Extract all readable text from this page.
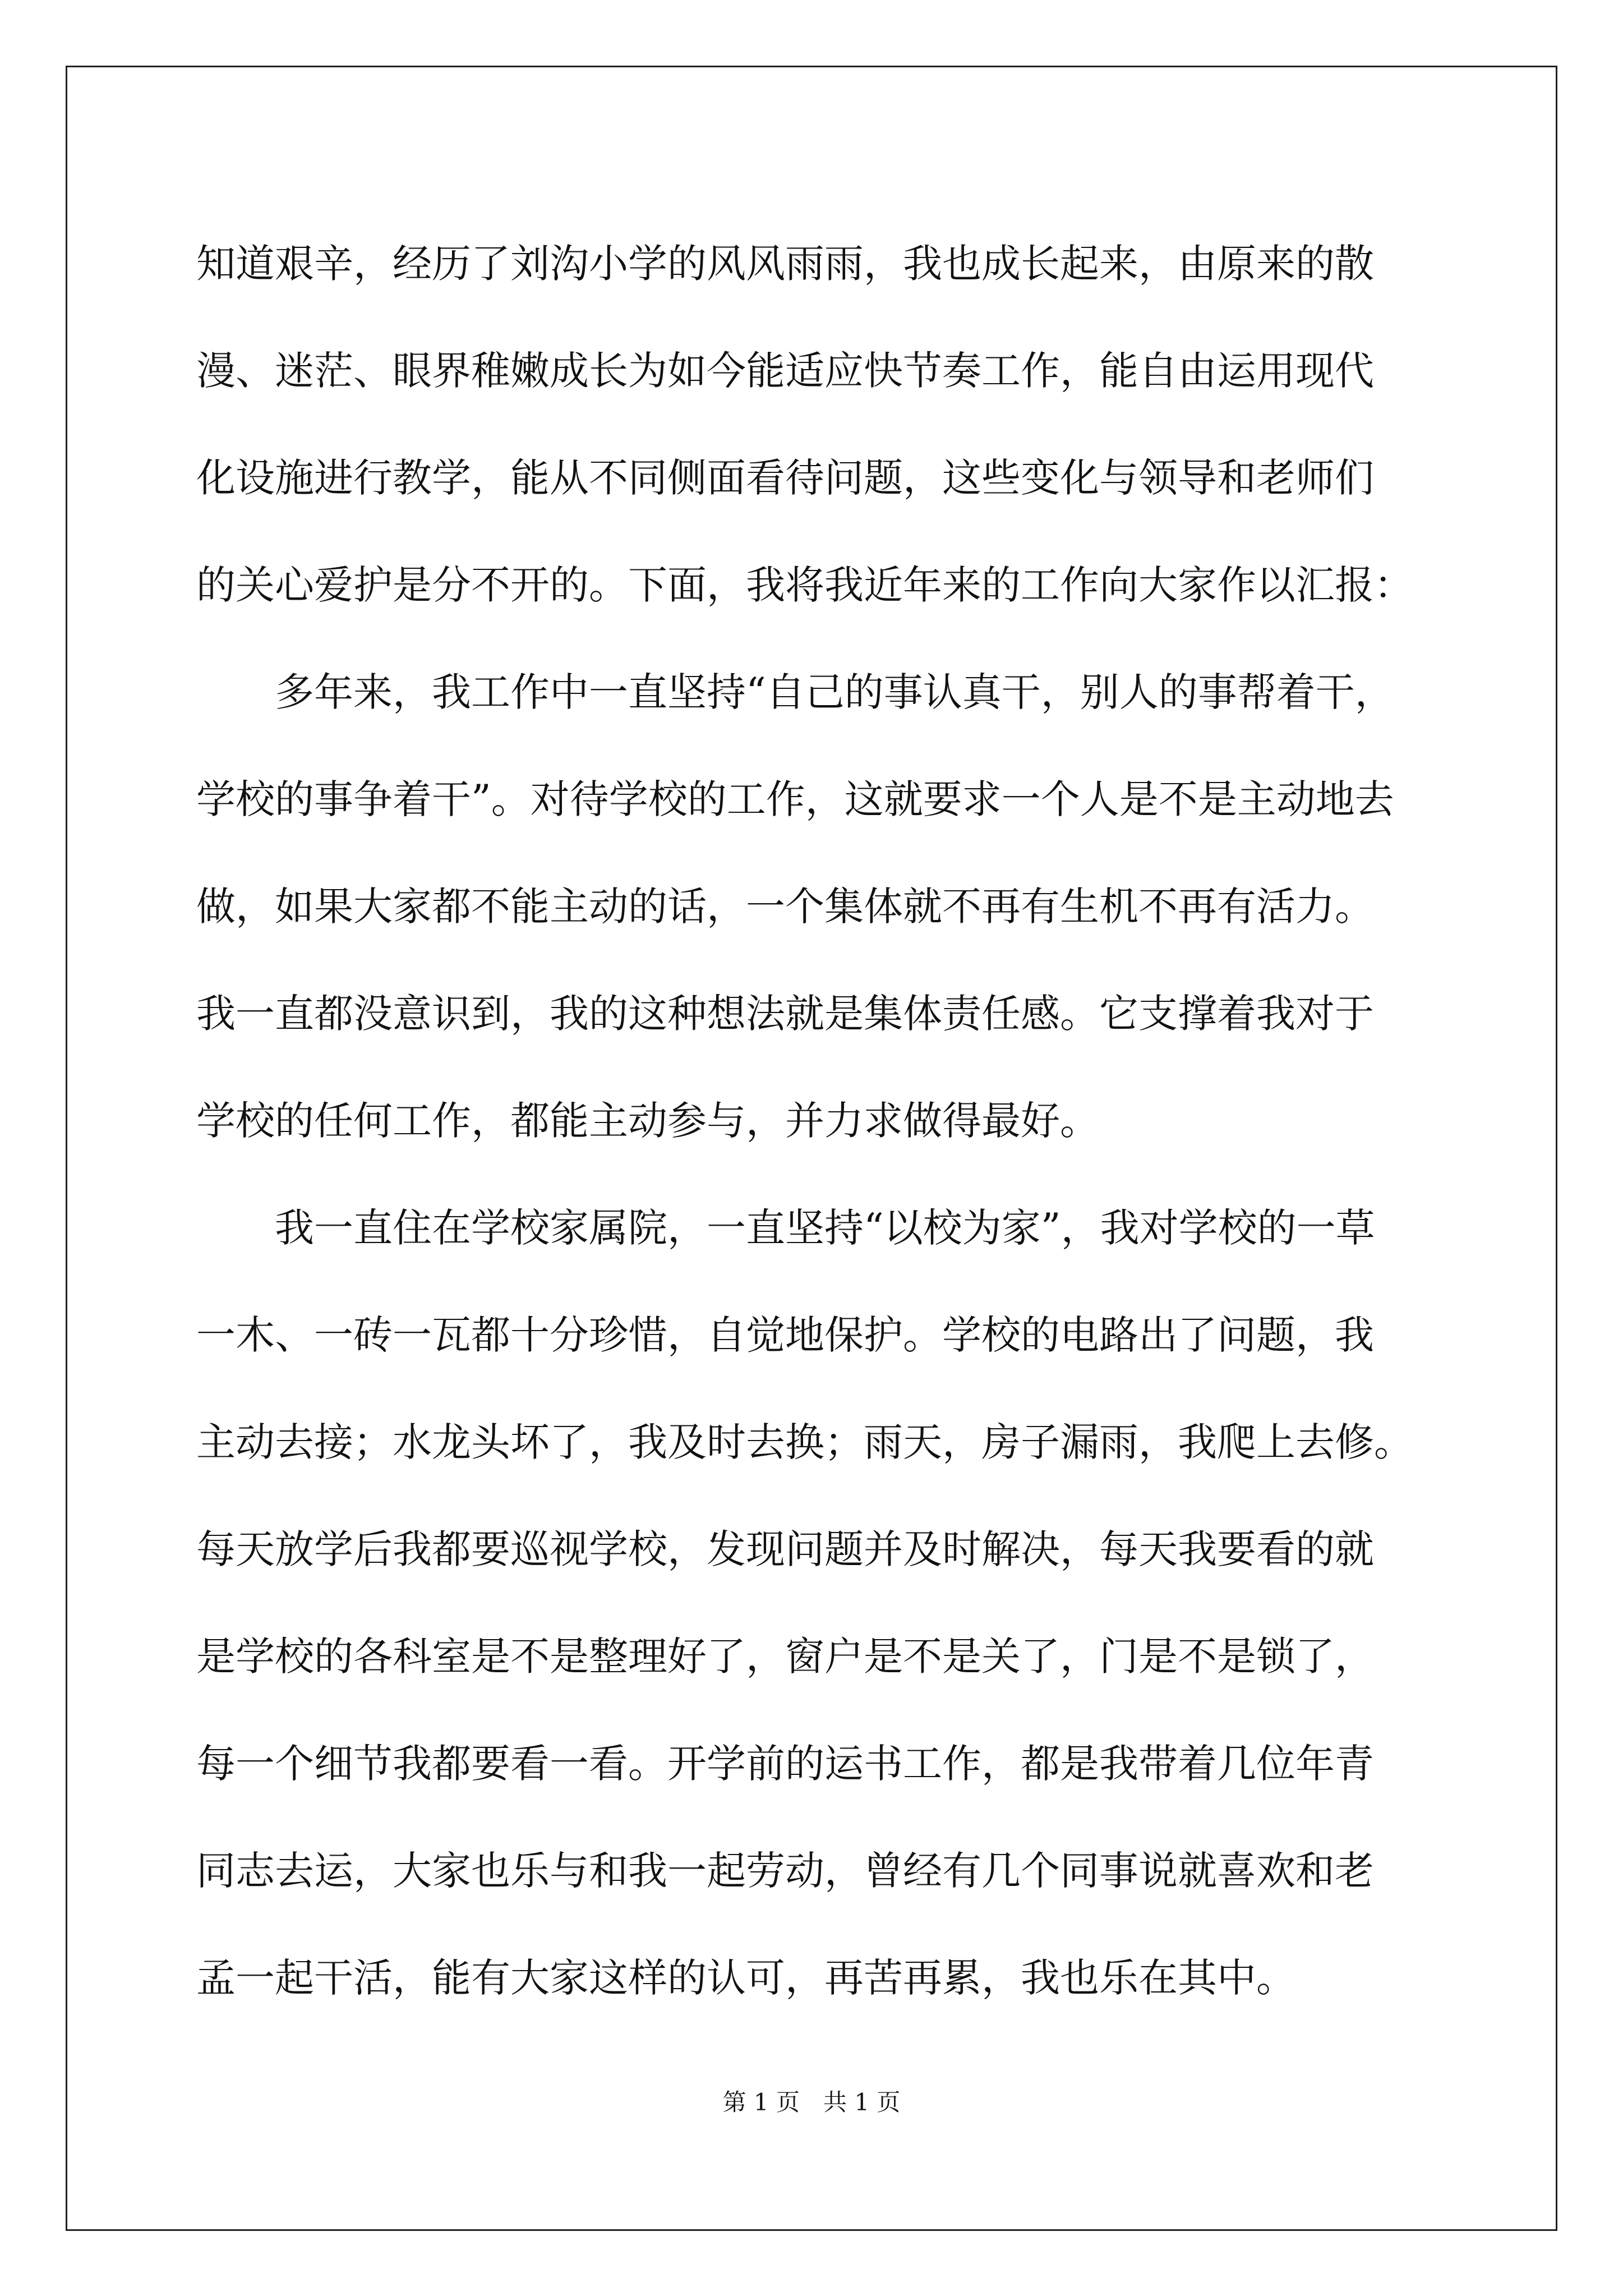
知道艰辛，经历了刘沟小学的风风雨雨，我也成长起来，由原来的散
漫、迷茫、眼界稚嫩成长为如今能适应快节奏工作，能自由运用现代
化设施进行教学，能从不同侧面看待问题，这些变化与领导和老师们
的关心爱护是分不开的。下面，我将我近年来的工作向大家作以汇报：
　　多年来，我工作中一直坚持“自己的事认真干，别人的事帮着干，
学校的事争着干”。对待学校的工作，这就要求一个人是不是主动地去
做，如果大家都不能主动的话，一个集体就不再有生机不再有活力。
我一直都没意识到，我的这种想法就是集体责任感。它支撑着我对于
学校的任何工作，都能主动参与，并力求做得最好。
　　我一直住在学校家属院，一直坚持“以校为家”，我对学校的一草
一木、一砖一瓦都十分珍惜，自觉地保护。学校的电路出了问题，我
主动去接；水龙头坏了，我及时去换；雨天，房子漏雨，我爬上去修。
每天放学后我都要巡视学校，发现问题并及时解决，每天我要看的就
是学校的各科室是不是整理好了，窗户是不是关了，门是不是锁了，
每一个细节我都要看一看。开学前的运书工作，都是我带着几位年青
同志去运，大家也乐与和我一起劳动，曾经有几个同事说就喜欢和老
孟一起干活，能有大家这样的认可，再苦再累，我也乐在其中。
第 1 页　共 1 页
